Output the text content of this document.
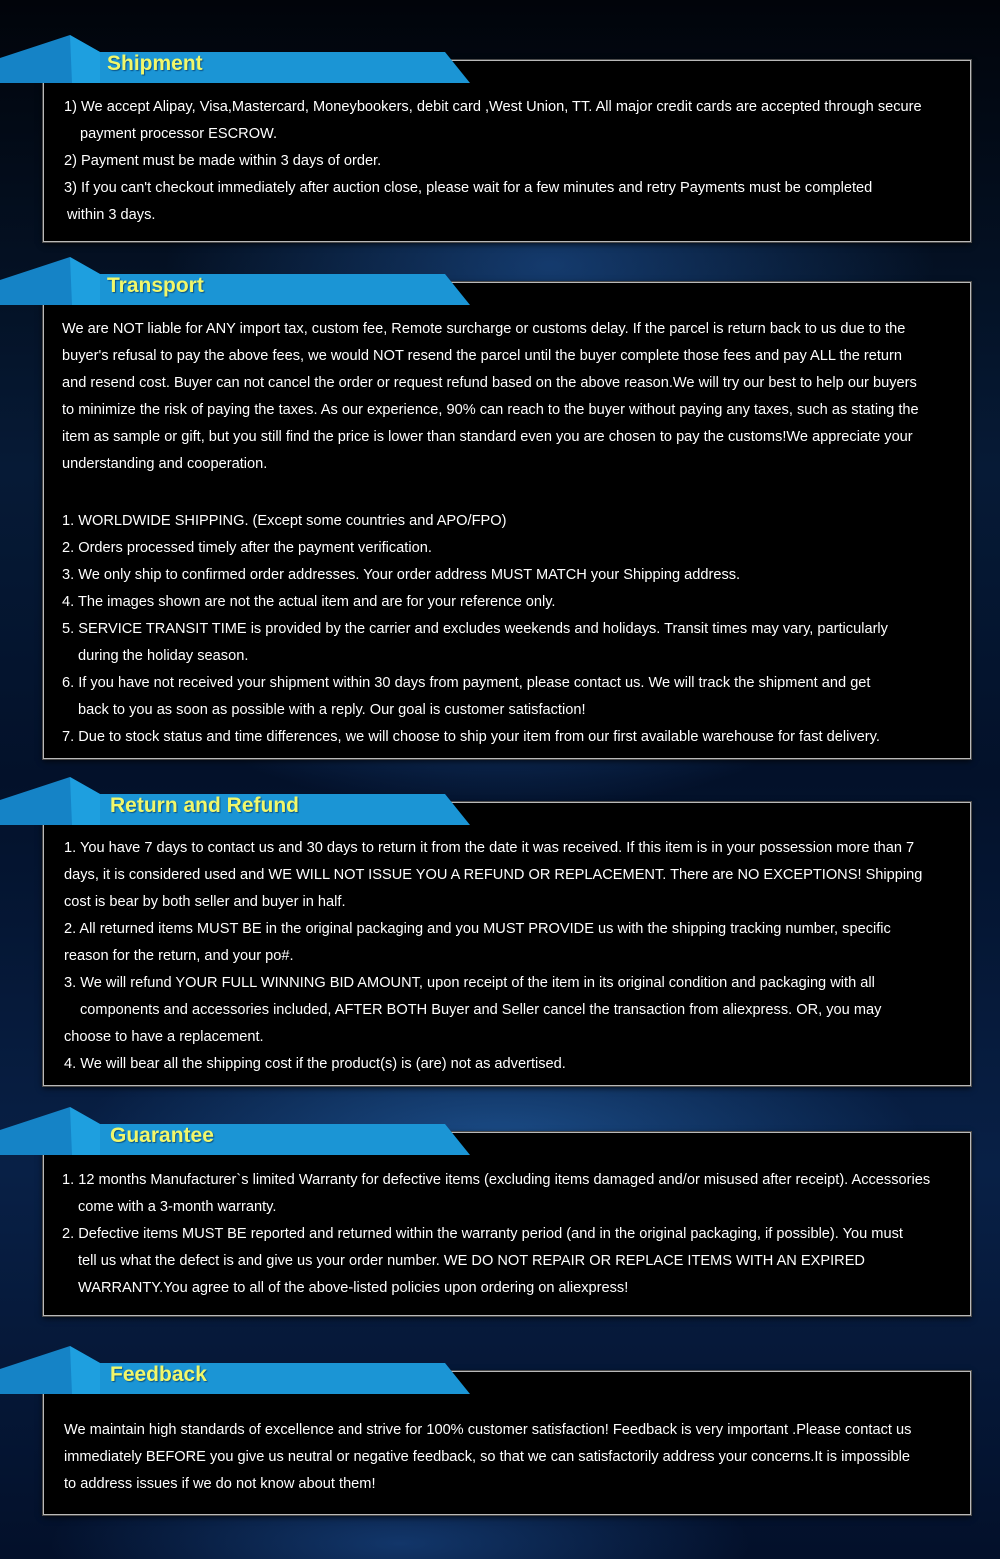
1) We accept Alipay, Visa,Mastercard, Moneybookers, debit card ,West Union, TT. All major credit cards are accepted through secure

payment processor ESCROW.

2) Payment must be made within 3 days of order.

3) If you can't checkout immediately after auction close, please wait for a few minutes and retry Payments must be completed

within 3 days.

Shipment

We are NOT liable for ANY import tax, custom fee, Remote surcharge or customs delay. If the parcel is return back to us due to the

buyer's refusal to pay the above fees, we would NOT resend the parcel until the buyer complete those fees and pay ALL the return

and resend cost. Buyer can not cancel the order or request refund based on the above reason.We will try our best to help our buyers

to minimize the risk of paying the taxes. As our experience, 90% can reach to the buyer without paying any taxes, such as stating the

item as sample or gift, but you still find the price is lower than standard even you are chosen to pay the customs!We appreciate your

understanding and cooperation.

1. WORLDWIDE SHIPPING. (Except some countries and APO/FPO)

2. Orders processed timely after the payment verification.

3. We only ship to confirmed order addresses. Your order address MUST MATCH your Shipping address.

4. The images shown are not the actual item and are for your reference only.

5. SERVICE TRANSIT TIME is provided by the carrier and excludes weekends and holidays. Transit times may vary, particularly

during the holiday season.

6. If you have not received your shipment within 30 days from payment, please contact us. We will track the shipment and get

back to you as soon as possible with a reply. Our goal is customer satisfaction!

7. Due to stock status and time differences, we will choose to ship your item from our first available warehouse for fast delivery.

Transport

1. You have 7 days to contact us and 30 days to return it from the date it was received. If this item is in your possession more than 7

days, it is considered used and WE WILL NOT ISSUE YOU A REFUND OR REPLACEMENT. There are NO EXCEPTIONS! Shipping

cost is bear by both seller and buyer in half.

2. All returned items MUST BE in the original packaging and you MUST PROVIDE us with the shipping tracking number, specific

reason for the return, and your po#.

3. We will refund YOUR FULL WINNING BID AMOUNT, upon receipt of the item in its original condition and packaging with all

components and accessories included, AFTER BOTH Buyer and Seller cancel the transaction from aliexpress. OR, you may

choose to have a replacement.

4. We will bear all the shipping cost if the product(s) is (are) not as advertised.

Return and Refund

1. 12 months Manufacturer`s limited Warranty for defective items (excluding items damaged and/or misused after receipt). Accessories

come with a 3-month warranty.

2. Defective items MUST BE reported and returned within the warranty period (and in the original packaging, if possible). You must

tell us what the defect is and give us your order number. WE DO NOT REPAIR OR REPLACE ITEMS WITH AN EXPIRED

WARRANTY.You agree to all of the above-listed policies upon ordering on aliexpress!

Guarantee

We maintain high standards of excellence and strive for 100% customer satisfaction! Feedback is very important .Please contact us

immediately BEFORE you give us neutral or negative feedback, so that we can satisfactorily address your concerns.It is impossible

to address issues if we do not know about them!

Feedback
